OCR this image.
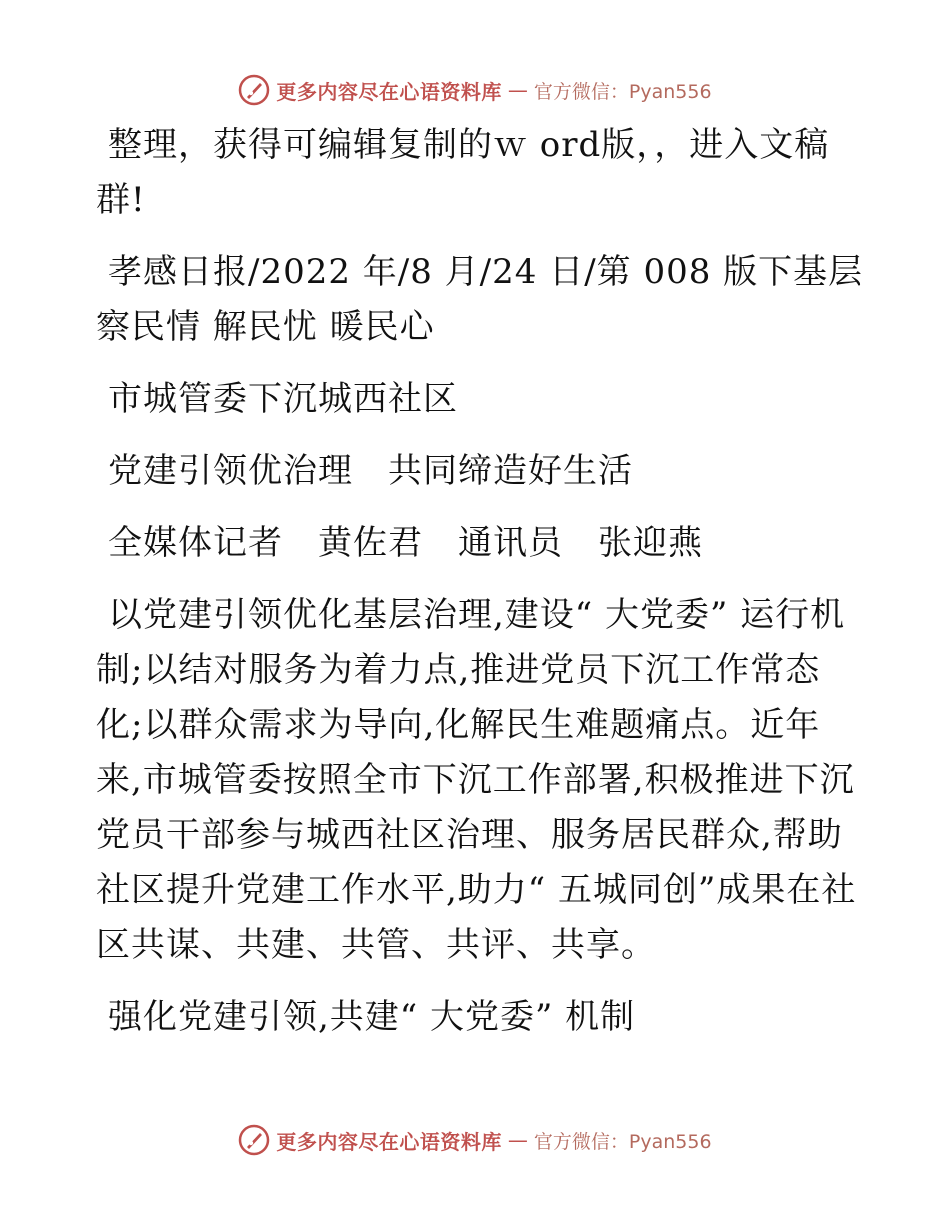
更多内容尽在心语资料库 — 官方微信：Pyan556

整理，获得可编辑复制的ｗ ord版，，进入文稿群!

孝感日报/2022 年/8 月/24 日/第 008 版下基层 察民情 解民忧 暖民心

市城管委下沉城西社区

党建引领优治理　共同缔造好生活

全媒体记者　黄佐君　通讯员　张迎燕

以党建引领优化基层治理,建设“ 大党委” 运行机制;以结对服务为着力点,推进党员下沉工作常态化;以群众需求为导向,化解民生难题痛点。近年来,市城管委按照全市下沉工作部署,积极推进下沉党员干部参与城西社区治理、服务居民群众,帮助社区提升党建工作水平,助力“ 五城同创”成果在社区共谋、共建、共管、共评、共享。

强化党建引领,共建“ 大党委” 机制

更多内容尽在心语资料库 — 官方微信：Pyan556
